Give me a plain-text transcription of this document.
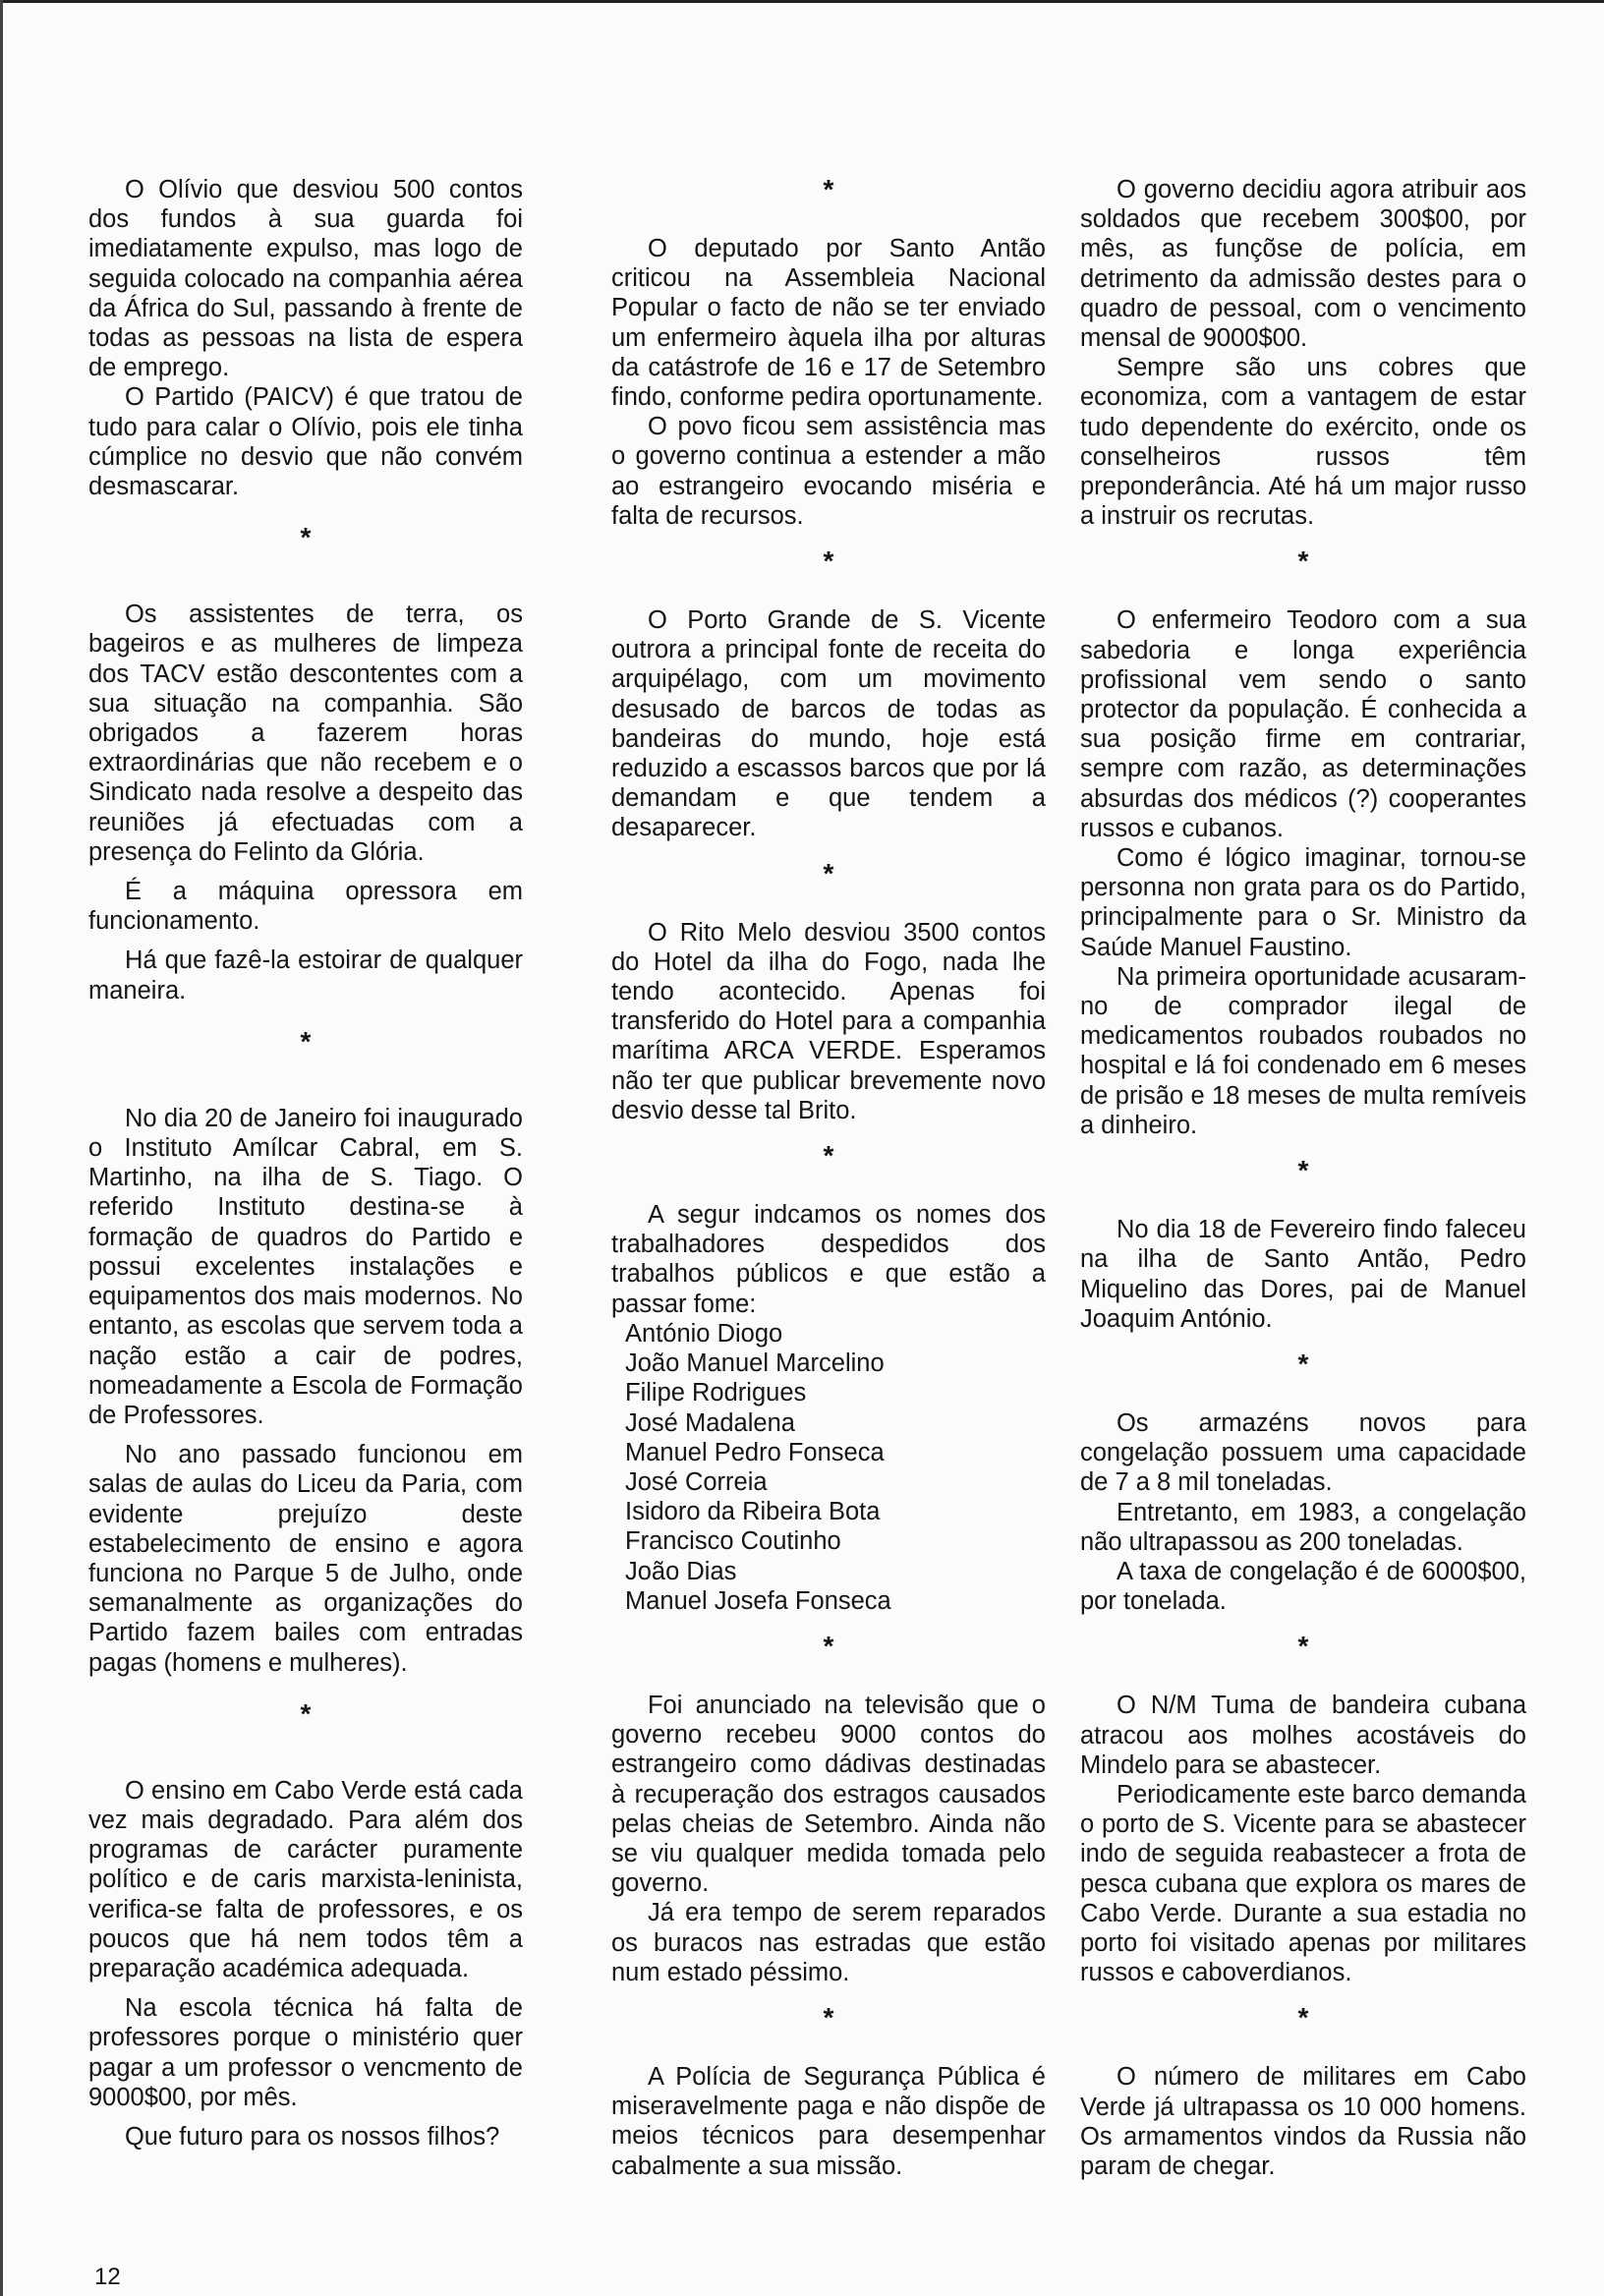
O Olívio que desviou 500 contos dos fundos à sua guarda foi imediatamente expulso, mas logo de seguida colocado na companhia aérea da África do Sul, passando à frente de todas as pessoas na lista de espera de emprego.

O Partido (PAICV) é que tratou de tudo para calar o Olívio, pois ele tinha cúmplice no desvio que não convém desmascarar.

*

Os assistentes de terra, os bageiros e as mulheres de limpeza dos TACV estão descontentes com a sua situação na companhia. São obrigados a fazerem horas extraordinárias que não recebem e o Sindicato nada resolve a despeito das reuniões já efectuadas com a presença do Felinto da Glória.

É a máquina opressora em funcionamento.

Há que fazê-la estoirar de qualquer maneira.

*

No dia 20 de Janeiro foi inaugurado o Instituto Amílcar Cabral, em S. Martinho, na ilha de S. Tiago. O referido Instituto destina-se à formação de quadros do Partido e possui excelentes instalações e equipamentos dos mais modernos. No entanto, as escolas que servem toda a nação estão a cair de podres, nomeadamente a Escola de Formação de Professores.

No ano passado funcionou em salas de aulas do Liceu da Paria, com evidente prejuízo deste estabelecimento de ensino e agora funciona no Parque 5 de Julho, onde semanalmente as organizações do Partido fazem bailes com entradas pagas (homens e mulheres).

*

O ensino em Cabo Verde está cada vez mais degradado. Para além dos programas de carácter puramente político e de caris marxista-leninista, verifica-se falta de professores, e os poucos que há nem todos têm a preparação académica adequada.

Na escola técnica há falta de professores porque o ministério quer pagar a um professor o vencmento de 9000$00, por mês.

Que futuro para os nossos filhos?

*

O deputado por Santo Antão criticou na Assembleia Nacional Popular o facto de não se ter enviado um enfermeiro àquela ilha por alturas da catástrofe de 16 e 17 de Setembro findo, conforme pedira oportunamente.

O povo ficou sem assistência mas o governo continua a estender a mão ao estrangeiro evocando miséria e falta de recursos.

*

O Porto Grande de S. Vicente outrora a principal fonte de receita do arquipélago, com um movimento desusado de barcos de todas as bandeiras do mundo, hoje está reduzido a escassos barcos que por lá demandam e que tendem a desaparecer.

*

O Rito Melo desviou 3500 contos do Hotel da ilha do Fogo, nada lhe tendo acontecido. Apenas foi transferido do Hotel para a companhia marítima ARCA VERDE. Esperamos não ter que publicar brevemente novo desvio desse tal Brito.

*

A segur indcamos os nomes dos trabalhadores despedidos dos trabalhos públicos e que estão a passar fome:

António Diogo
João Manuel Marcelino
Filipe Rodrigues
José Madalena
Manuel Pedro Fonseca
José Correia
Isidoro da Ribeira Bota
Francisco Coutinho
João Dias
Manuel Josefa Fonseca
*

Foi anunciado na televisão que o governo recebeu 9000 contos do estrangeiro como dádivas destinadas à recuperação dos estragos causados pelas cheias de Setembro. Ainda não se viu qualquer medida tomada pelo governo.

Já era tempo de serem reparados os buracos nas estradas que estão num estado péssimo.

*

A Polícia de Segurança Pública é miseravelmente paga e não dispõe de meios técnicos para desempenhar cabalmente a sua missão.

O governo decidiu agora atribuir aos soldados que recebem 300$00, por mês, as funçõse de polícia, em detrimento da admissão destes para o quadro de pessoal, com o vencimento mensal de 9000$00.

Sempre são uns cobres que economiza, com a vantagem de estar tudo dependente do exército, onde os conselheiros russos têm preponderância. Até há um major russo a instruir os recrutas.

*

O enfermeiro Teodoro com a sua sabedoria e longa experiência profissional vem sendo o santo protector da população. É conhecida a sua posição firme em contrariar, sempre com razão, as determinações absurdas dos médicos (?) cooperantes russos e cubanos.

Como é lógico imaginar, tornou-se personna non grata para os do Partido, principalmente para o Sr. Ministro da Saúde Manuel Faustino.

Na primeira oportunidade acusaram-no de comprador ilegal de medicamentos roubados roubados no hospital e lá foi condenado em 6 meses de prisão e 18 meses de multa remíveis a dinheiro.

*

No dia 18 de Fevereiro findo faleceu na ilha de Santo Antão, Pedro Miquelino das Dores, pai de Manuel Joaquim António.

*

Os armazéns novos para congelação possuem uma capacidade de 7 a 8 mil toneladas.

Entretanto, em 1983, a congelação não ultrapassou as 200 toneladas.

A taxa de congelação é de 6000$00, por tonelada.

*

O N/M Tuma de bandeira cubana atracou aos molhes acostáveis do Mindelo para se abastecer.

Periodicamente este barco demanda o porto de S. Vicente para se abastecer indo de seguida reabastecer a frota de pesca cubana que explora os mares de Cabo Verde. Durante a sua estadia no porto foi visitado apenas por militares russos e caboverdianos.

*

O número de militares em Cabo Verde já ultrapassa os 10 000 homens. Os armamentos vindos da Russia não param de chegar.

12
